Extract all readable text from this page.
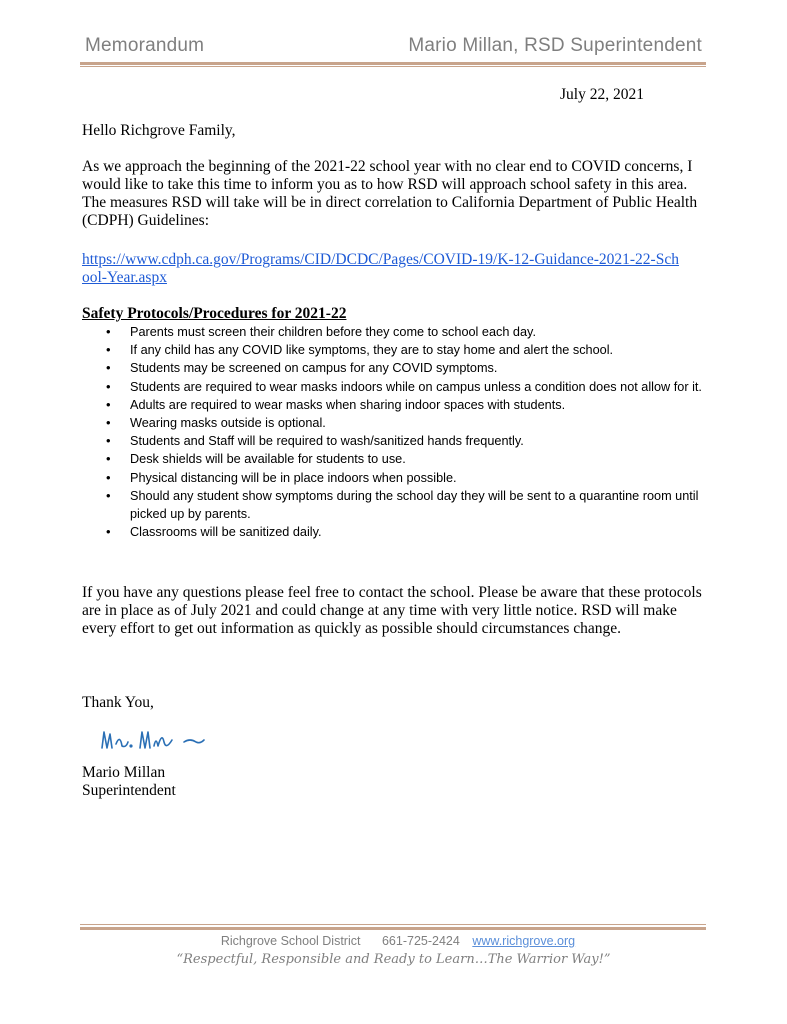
Memorandum	Mario Millan, RSD Superintendent
July 22, 2021
Hello Richgrove Family,
As we approach the beginning of the 2021-22 school year with no clear end to COVID concerns, I would like to take this time to inform you as to how RSD will approach school safety in this area. The measures RSD will take will be in direct correlation to California Department of Public Health (CDPH) Guidelines:
https://www.cdph.ca.gov/Programs/CID/DCDC/Pages/COVID-19/K-12-Guidance-2021-22-School-Year.aspx
Safety Protocols/Procedures for 2021-22
• Parents must screen their children before they come to school each day.
• If any child has any COVID like symptoms, they are to stay home and alert the school.
• Students may be screened on campus for any COVID symptoms.
• Students are required to wear masks indoors while on campus unless a condition does not allow for it.
• Adults are required to wear masks when sharing indoor spaces with students.
• Wearing masks outside is optional.
• Students and Staff will be required to wash/sanitized hands frequently.
• Desk shields will be available for students to use.
• Physical distancing will be in place indoors when possible.
• Should any student show symptoms during the school day they will be sent to a quarantine room until picked up by parents.
• Classrooms will be sanitized daily.
If you have any questions please feel free to contact the school. Please be aware that these protocols are in place as of July 2021 and could change at any time with very little notice. RSD will make every effort to get out information as quickly as possible should circumstances change.
Thank You,
Mario Millan
Superintendent
Richgrove School District 661-725-2424 www.richgrove.org
“Respectful, Responsible and Ready to Learn…The Warrior Way!”
